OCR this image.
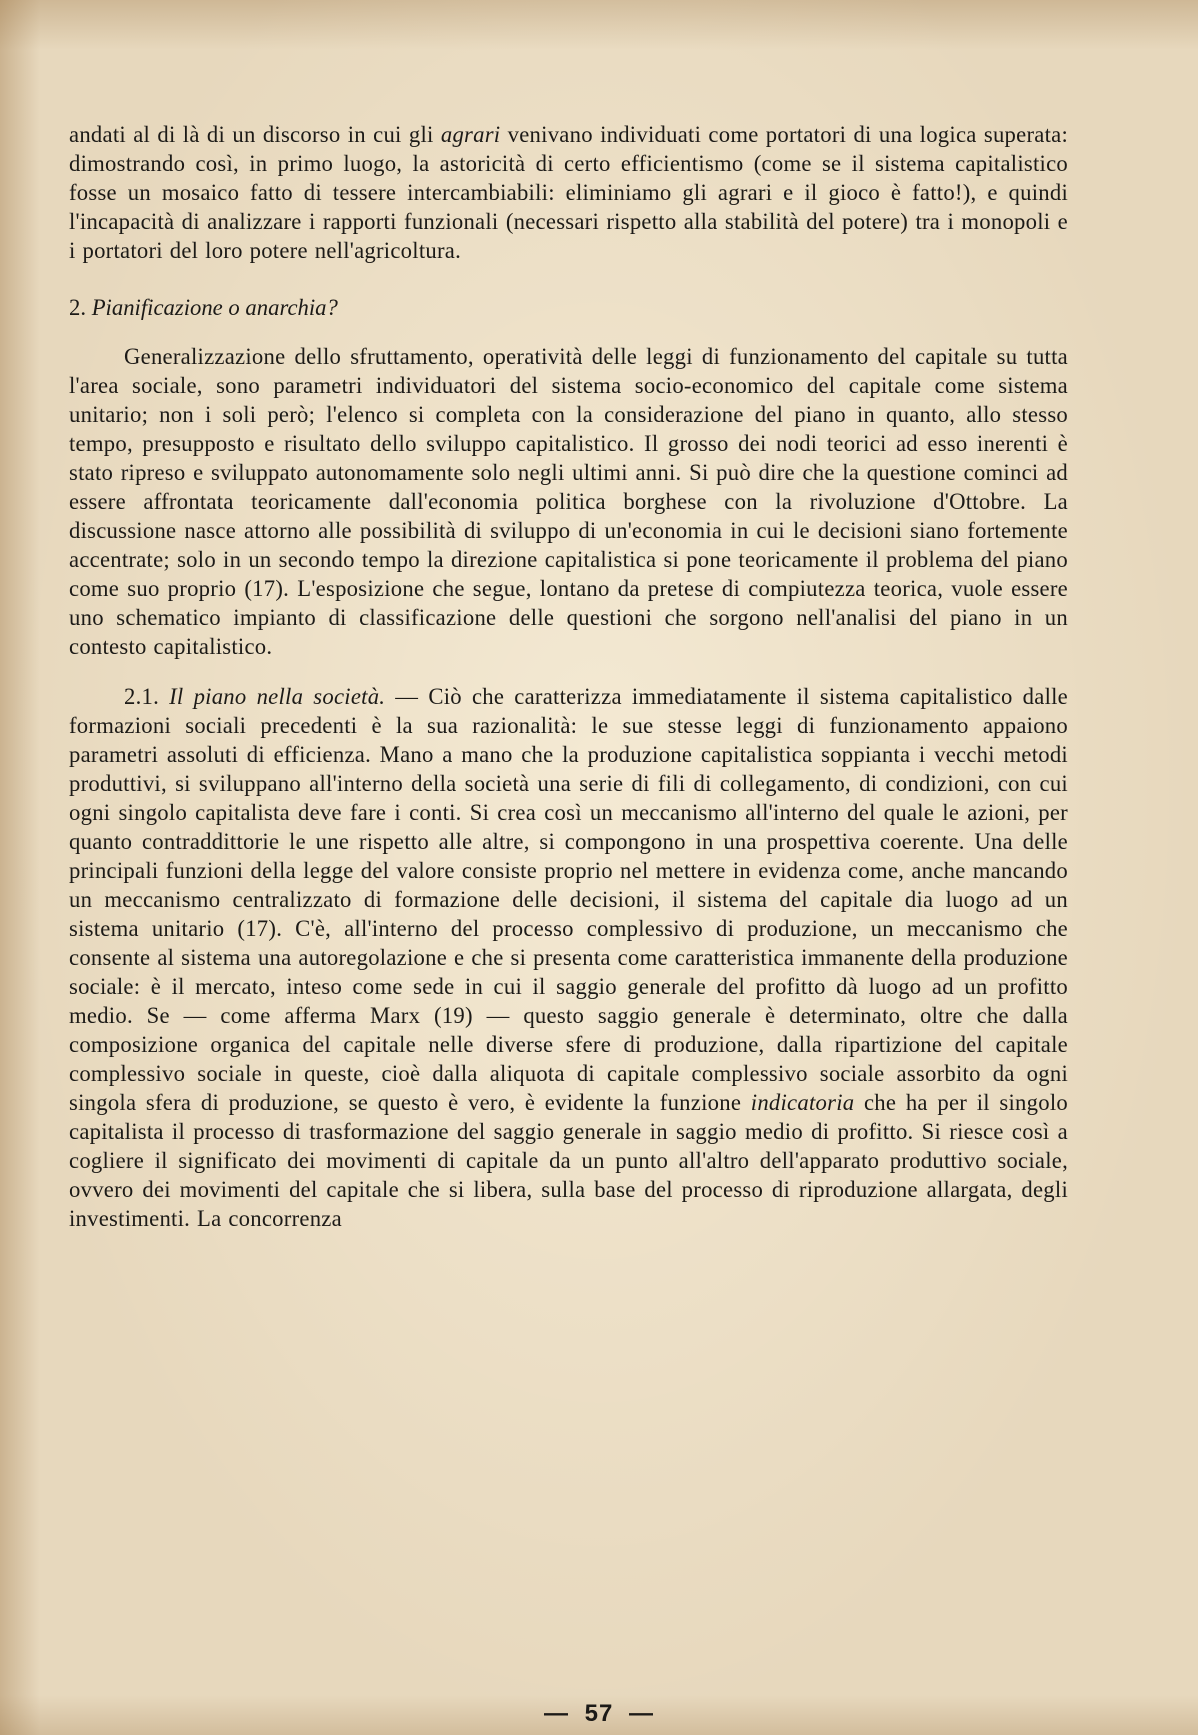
andati al di là di un discorso in cui gli agrari venivano individuati come portatori di una logica superata: dimostrando così, in primo luogo, la astoricità di certo efficientismo (come se il sistema capitalistico fosse un mosaico fatto di tessere intercambiabili: eliminiamo gli agrari e il gioco è fatto!), e quindi l'incapacità di analizzare i rapporti funzionali (necessari rispetto alla stabilità del potere) tra i monopoli e i portatori del loro potere nell'agricoltura.

2. Pianificazione o anarchia?

Generalizzazione dello sfruttamento, operatività delle leggi di funzionamento del capitale su tutta l'area sociale, sono parametri individuatori del sistema socio-economico del capitale come sistema unitario; non i soli però; l'elenco si completa con la considerazione del piano in quanto, allo stesso tempo, presupposto e risultato dello sviluppo capitalistico. Il grosso dei nodi teorici ad esso inerenti è stato ripreso e sviluppato autonomamente solo negli ultimi anni. Si può dire che la questione cominci ad essere affrontata teoricamente dall'economia politica borghese con la rivoluzione d'Ottobre. La discussione nasce attorno alle possibilità di sviluppo di un'economia in cui le decisioni siano fortemente accentrate; solo in un secondo tempo la direzione capitalistica si pone teoricamente il problema del piano come suo proprio (17). L'esposizione che segue, lontano da pretese di compiutezza teorica, vuole essere uno schematico impianto di classificazione delle questioni che sorgono nell'analisi del piano in un contesto capitalistico.

2.1. Il piano nella società. — Ciò che caratterizza immediatamente il sistema capitalistico dalle formazioni sociali precedenti è la sua razionalità: le sue stesse leggi di funzionamento appaiono parametri assoluti di efficienza. Mano a mano che la produzione capitalistica soppianta i vecchi metodi produttivi, si sviluppano all'interno della società una serie di fili di collegamento, di condizioni, con cui ogni singolo capitalista deve fare i conti. Si crea così un meccanismo all'interno del quale le azioni, per quanto contraddittorie le une rispetto alle altre, si compongono in una prospettiva coerente. Una delle principali funzioni della legge del valore consiste proprio nel mettere in evidenza come, anche mancando un meccanismo centralizzato di formazione delle decisioni, il sistema del capitale dia luogo ad un sistema unitario (17). C'è, all'interno del processo complessivo di produzione, un meccanismo che consente al sistema una autoregolazione e che si presenta come caratteristica immanente della produzione sociale: è il mercato, inteso come sede in cui il saggio generale del profitto dà luogo ad un profitto medio. Se — come afferma Marx (19) — questo saggio generale è determinato, oltre che dalla composizione organica del capitale nelle diverse sfere di produzione, dalla ripartizione del capitale complessivo sociale in queste, cioè dalla aliquota di capitale complessivo sociale assorbito da ogni singola sfera di produzione, se questo è vero, è evidente la funzione indicatoria che ha per il singolo capitalista il processo di trasformazione del saggio generale in saggio medio di profitto. Si riesce così a cogliere il significato dei movimenti di capitale da un punto all'altro dell'apparato produttivo sociale, ovvero dei movimenti del capitale che si libera, sulla base del processo di riproduzione allargata, degli investimenti. La concorrenza

— 57 —
